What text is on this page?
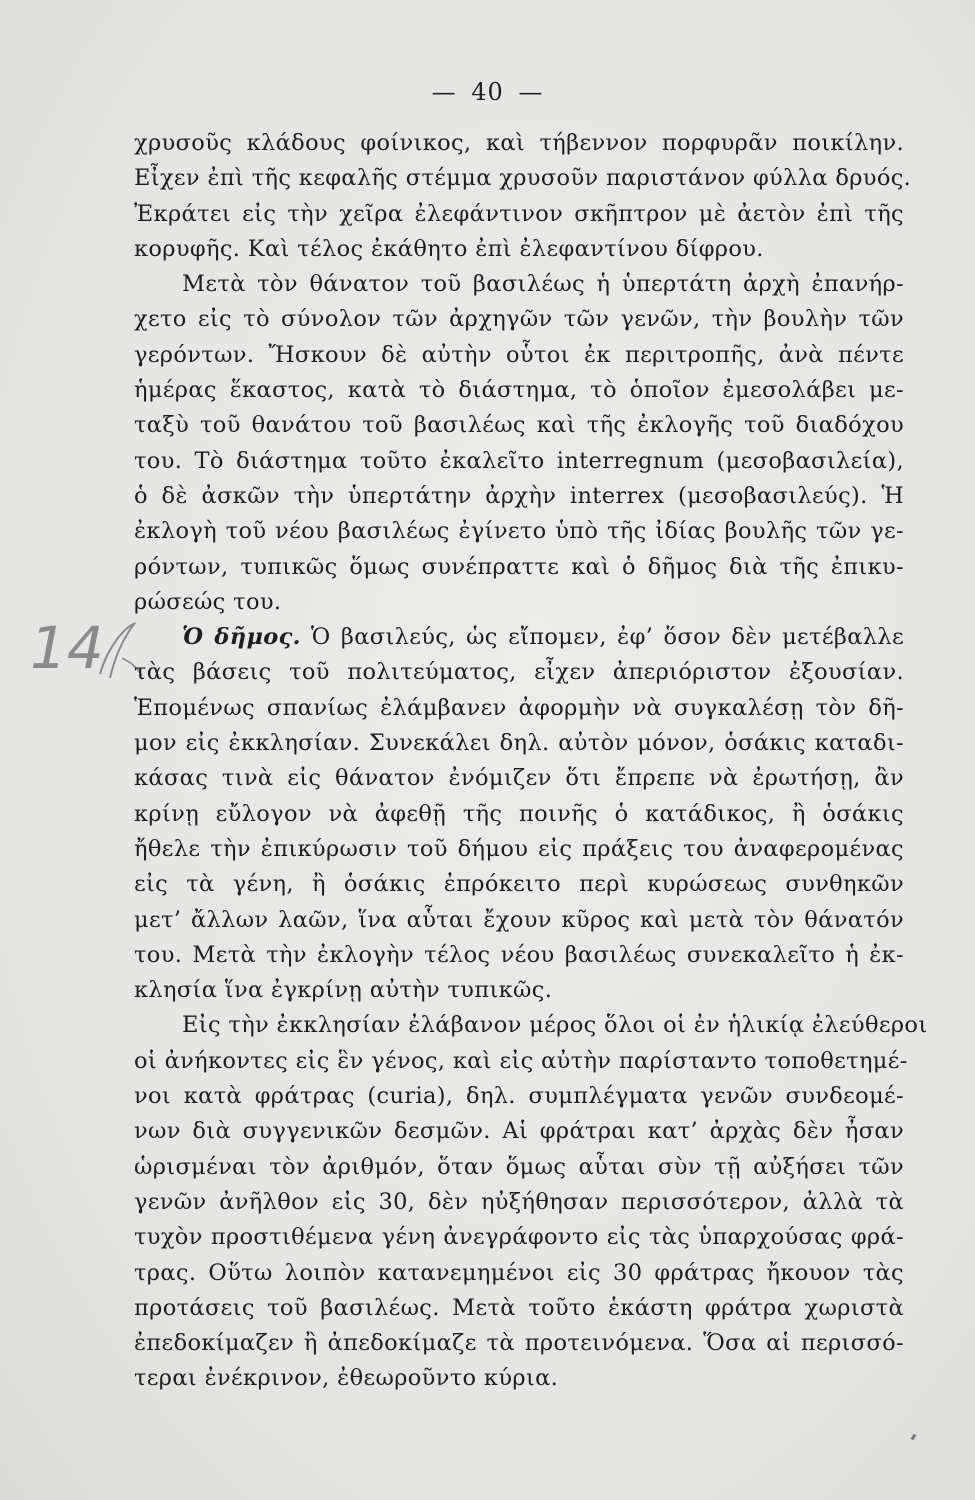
— 40 —
14
χρυσοῦς κλάδους φοίνικος, καὶ τήβεννον πορφυρᾶν ποικίλην.
Εἶχεν ἐπὶ τῆς κεφαλῆς στέμμα χρυσοῦν παριστάνον φύλλα δρυός.
Ἐκράτει εἰς τὴν χεῖρα ἐλεφάντινον σκῆπτρον μὲ ἀετὸν ἐπὶ τῆς
κορυφῆς. Καὶ τέλος ἐκάθητο ἐπὶ ἐλεφαντίνου δίφρου.
Μετὰ τὸν θάνατον τοῦ βασιλέως ἡ ὑπερτάτη ἀρχὴ ἐπανήρ-
χετο εἰς τὸ σύνολον τῶν ἀρχηγῶν τῶν γενῶν, τὴν βουλὴν τῶν
γερόντων. Ἤσκουν δὲ αὐτὴν οὗτοι ἐκ περιτροπῆς, ἀνὰ πέντε
ἡμέρας ἕκαστος, κατὰ τὸ διάστημα, τὸ ὁποῖον ἐμεσολάβει με-
ταξὺ τοῦ θανάτου τοῦ βασιλέως καὶ τῆς ἐκλογῆς τοῦ διαδόχου
του. Τὸ διάστημα τοῦτο ἐκαλεῖτο interregnum (μεσοβασιλεία),
ὁ δὲ ἀσκῶν τὴν ὑπερτάτην ἀρχὴν interrex (μεσοβασιλεύς). Ἡ
ἐκλογὴ τοῦ νέου βασιλέως ἐγίνετο ὑπὸ τῆς ἰδίας βουλῆς τῶν γε-
ρόντων, τυπικῶς ὅμως συνέπραττε καὶ ὁ δῆμος διὰ τῆς ἐπικυ-
ρώσεώς του.
Ὁ δῆμος. Ὁ βασιλεύς, ὡς εἴπομεν, ἐφ’ ὅσον δὲν μετέβαλλε
τὰς βάσεις τοῦ πολιτεύματος, εἶχεν ἀπεριόριστον ἐξουσίαν.
Ἑπομένως σπανίως ἐλάμβανεν ἀφορμὴν νὰ συγκαλέσῃ τὸν δῆ-
μον εἰς ἐκκλησίαν. Συνεκάλει δηλ. αὐτὸν μόνον, ὁσάκις καταδι-
κάσας τινὰ εἰς θάνατον ἐνόμιζεν ὅτι ἔπρεπε νὰ ἐρωτήσῃ, ἂν
κρίνῃ εὔλογον νὰ ἀφεθῇ τῆς ποινῆς ὁ κατάδικος, ἢ ὁσάκις
ἤθελε τὴν ἐπικύρωσιν τοῦ δήμου εἰς πράξεις του ἀναφερομένας
εἰς τὰ γένη, ἢ ὁσάκις ἐπρόκειτο περὶ κυρώσεως συνθηκῶν
μετ’ ἄλλων λαῶν, ἵνα αὗται ἔχουν κῦρος καὶ μετὰ τὸν θάνατόν
του. Μετὰ τὴν ἐκλογὴν τέλος νέου βασιλέως συνεκαλεῖτο ἡ ἐκ-
κλησία ἵνα ἐγκρίνῃ αὐτὴν τυπικῶς.
Εἰς τὴν ἐκκλησίαν ἐλάβανον μέρος ὅλοι οἱ ἐν ἡλικίᾳ ἐλεύθεροι
οἱ ἀνήκοντες εἰς ἓν γένος, καὶ εἰς αὐτὴν παρίσταντο τοποθετημέ-
νοι κατὰ φράτρας (curia), δηλ. συμπλέγματα γενῶν συνδεομέ-
νων διὰ συγγενικῶν δεσμῶν. Αἱ φράτραι κατ’ ἀρχὰς δὲν ἦσαν
ὡρισμέναι τὸν ἀριθμόν, ὅταν ὅμως αὗται σὺν τῇ αὐξήσει τῶν
γενῶν ἀνῆλθον εἰς 30, δὲν ηὐξήθησαν περισσότερον, ἀλλὰ τὰ
τυχὸν προστιθέμενα γένη ἀνεγράφοντο εἰς τὰς ὑπαρχούσας φρά-
τρας. Οὕτω λοιπὸν κατανεμημένοι εἰς 30 φράτρας ἤκουον τὰς
προτάσεις τοῦ βασιλέως. Μετὰ τοῦτο ἑκάστη φράτρα χωριστὰ
ἐπεδοκίμαζεν ἢ ἀπεδοκίμαζε τὰ προτεινόμενα. Ὅσα αἱ περισσό-
τεραι ἐνέκρινον, ἐθεωροῦντο κύρια.
